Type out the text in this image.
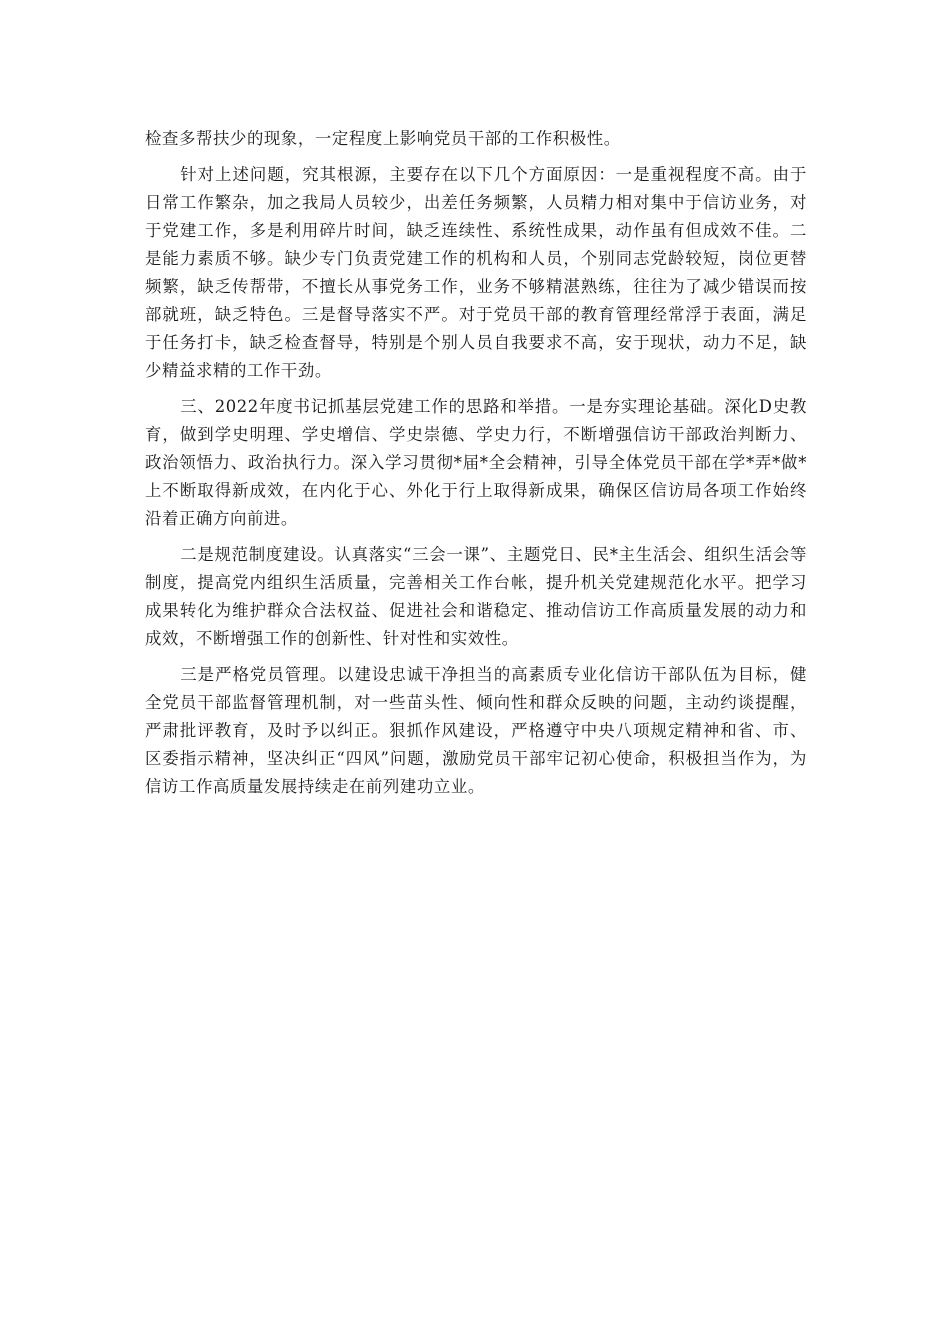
检查多帮扶少的现象，一定程度上影响党员干部的工作积极性。

针对上述问题，究其根源，主要存在以下几个方面原因：一是重视程度不高。由于日常工作繁杂，加之我局人员较少，出差任务频繁，人员精力相对集中于信访业务，对于党建工作，多是利用碎片时间，缺乏连续性、系统性成果，动作虽有但成效不佳。二是能力素质不够。缺少专门负责党建工作的机构和人员，个别同志党龄较短，岗位更替频繁，缺乏传帮带，不擅长从事党务工作，业务不够精湛熟练，往往为了减少错误而按部就班，缺乏特色。三是督导落实不严。对于党员干部的教育管理经常浮于表面，满足于任务打卡，缺乏检查督导，特别是个别人员自我要求不高，安于现状，动力不足，缺少精益求精的工作干劲。

三、2022年度书记抓基层党建工作的思路和举措。一是夯实理论基础。深化D史教育，做到学史明理、学史增信、学史崇德、学史力行，不断增强信访干部政治判断力、政治领悟力、政治执行力。深入学习贯彻*届*全会精神，引导全体党员干部在学*弄*做*上不断取得新成效，在内化于心、外化于行上取得新成果，确保区信访局各项工作始终沿着正确方向前进。

二是规范制度建设。认真落实“三会一课”、主题党日、民*主生活会、组织生活会等制度，提高党内组织生活质量，完善相关工作台帐，提升机关党建规范化水平。把学习成果转化为维护群众合法权益、促进社会和谐稳定、推动信访工作高质量发展的动力和成效，不断增强工作的创新性、针对性和实效性。

三是严格党员管理。以建设忠诚干净担当的高素质专业化信访干部队伍为目标，健全党员干部监督管理机制，对一些苗头性、倾向性和群众反映的问题，主动约谈提醒，严肃批评教育，及时予以纠正。狠抓作风建设，严格遵守中央八项规定精神和省、市、区委指示精神，坚决纠正“四风”问题，激励党员干部牢记初心使命，积极担当作为，为信访工作高质量发展持续走在前列建功立业。
